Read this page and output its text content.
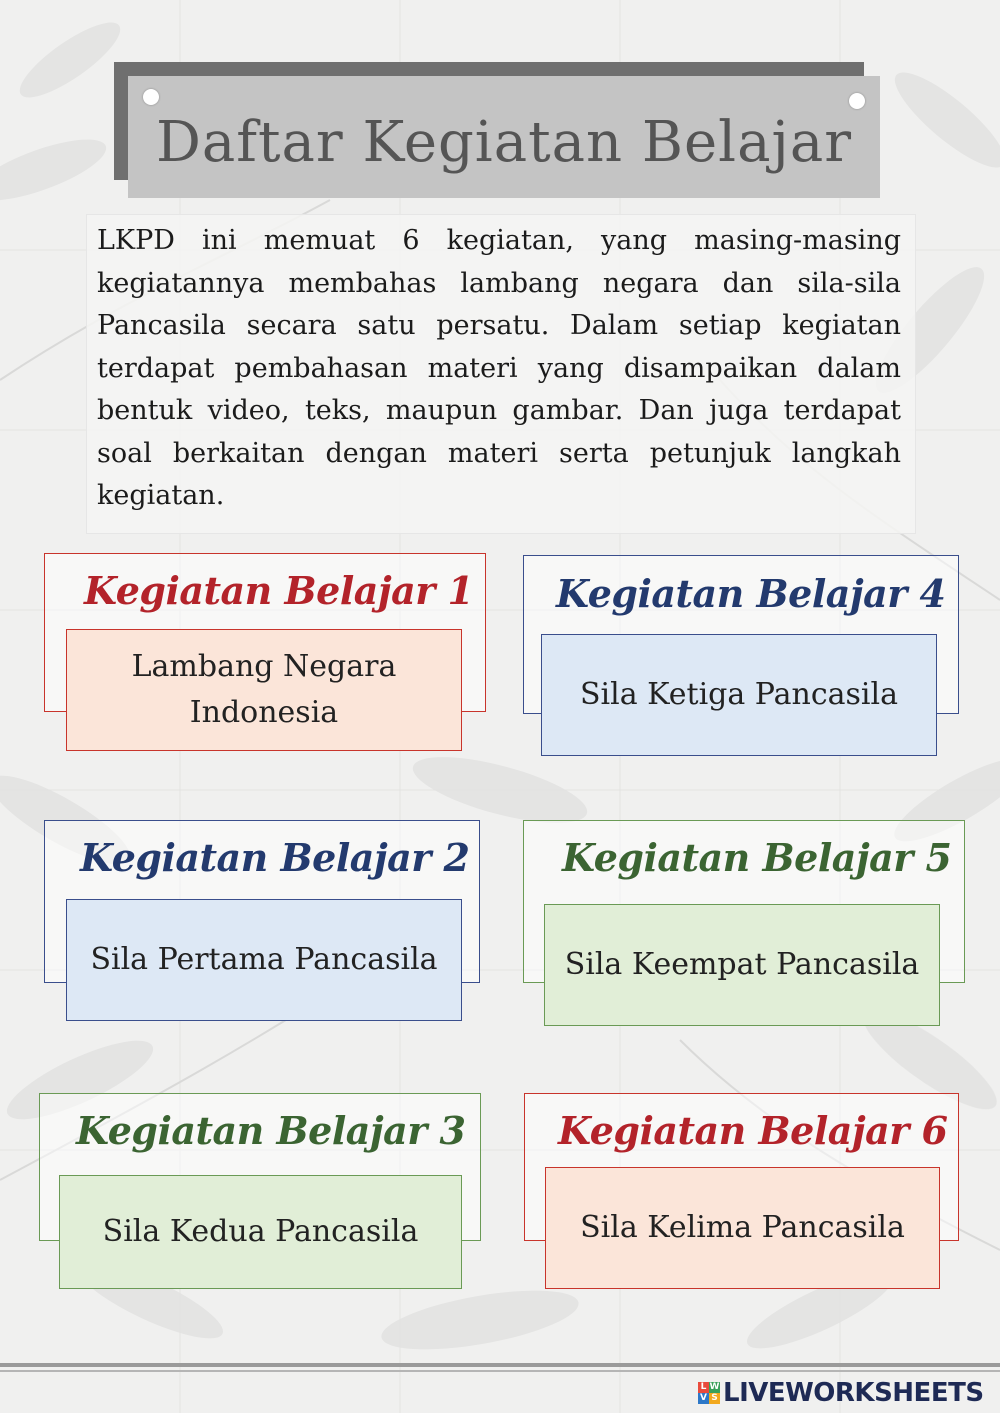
Daftar Kegiatan Belajar
LKPD ini memuat 6 kegiatan, yang masing-masing kegiatannya membahas lambang negara dan sila-sila Pancasila secara satu persatu. Dalam setiap kegiatan terdapat pembahasan materi yang disampaikan dalam bentuk video, teks, maupun gambar. Dan juga terdapat soal berkaitan dengan materi serta petunjuk langkah kegiatan.
Kegiatan Belajar 1
Lambang Negara
Indonesia
Kegiatan Belajar 4
Sila Ketiga Pancasila
Kegiatan Belajar 2
Sila Pertama Pancasila
Kegiatan Belajar 5
Sila Keempat Pancasila
Kegiatan Belajar 3
Sila Kedua Pancasila
Kegiatan Belajar 6
Sila Kelima Pancasila
L W
V S LIVEWORKSHEETS
